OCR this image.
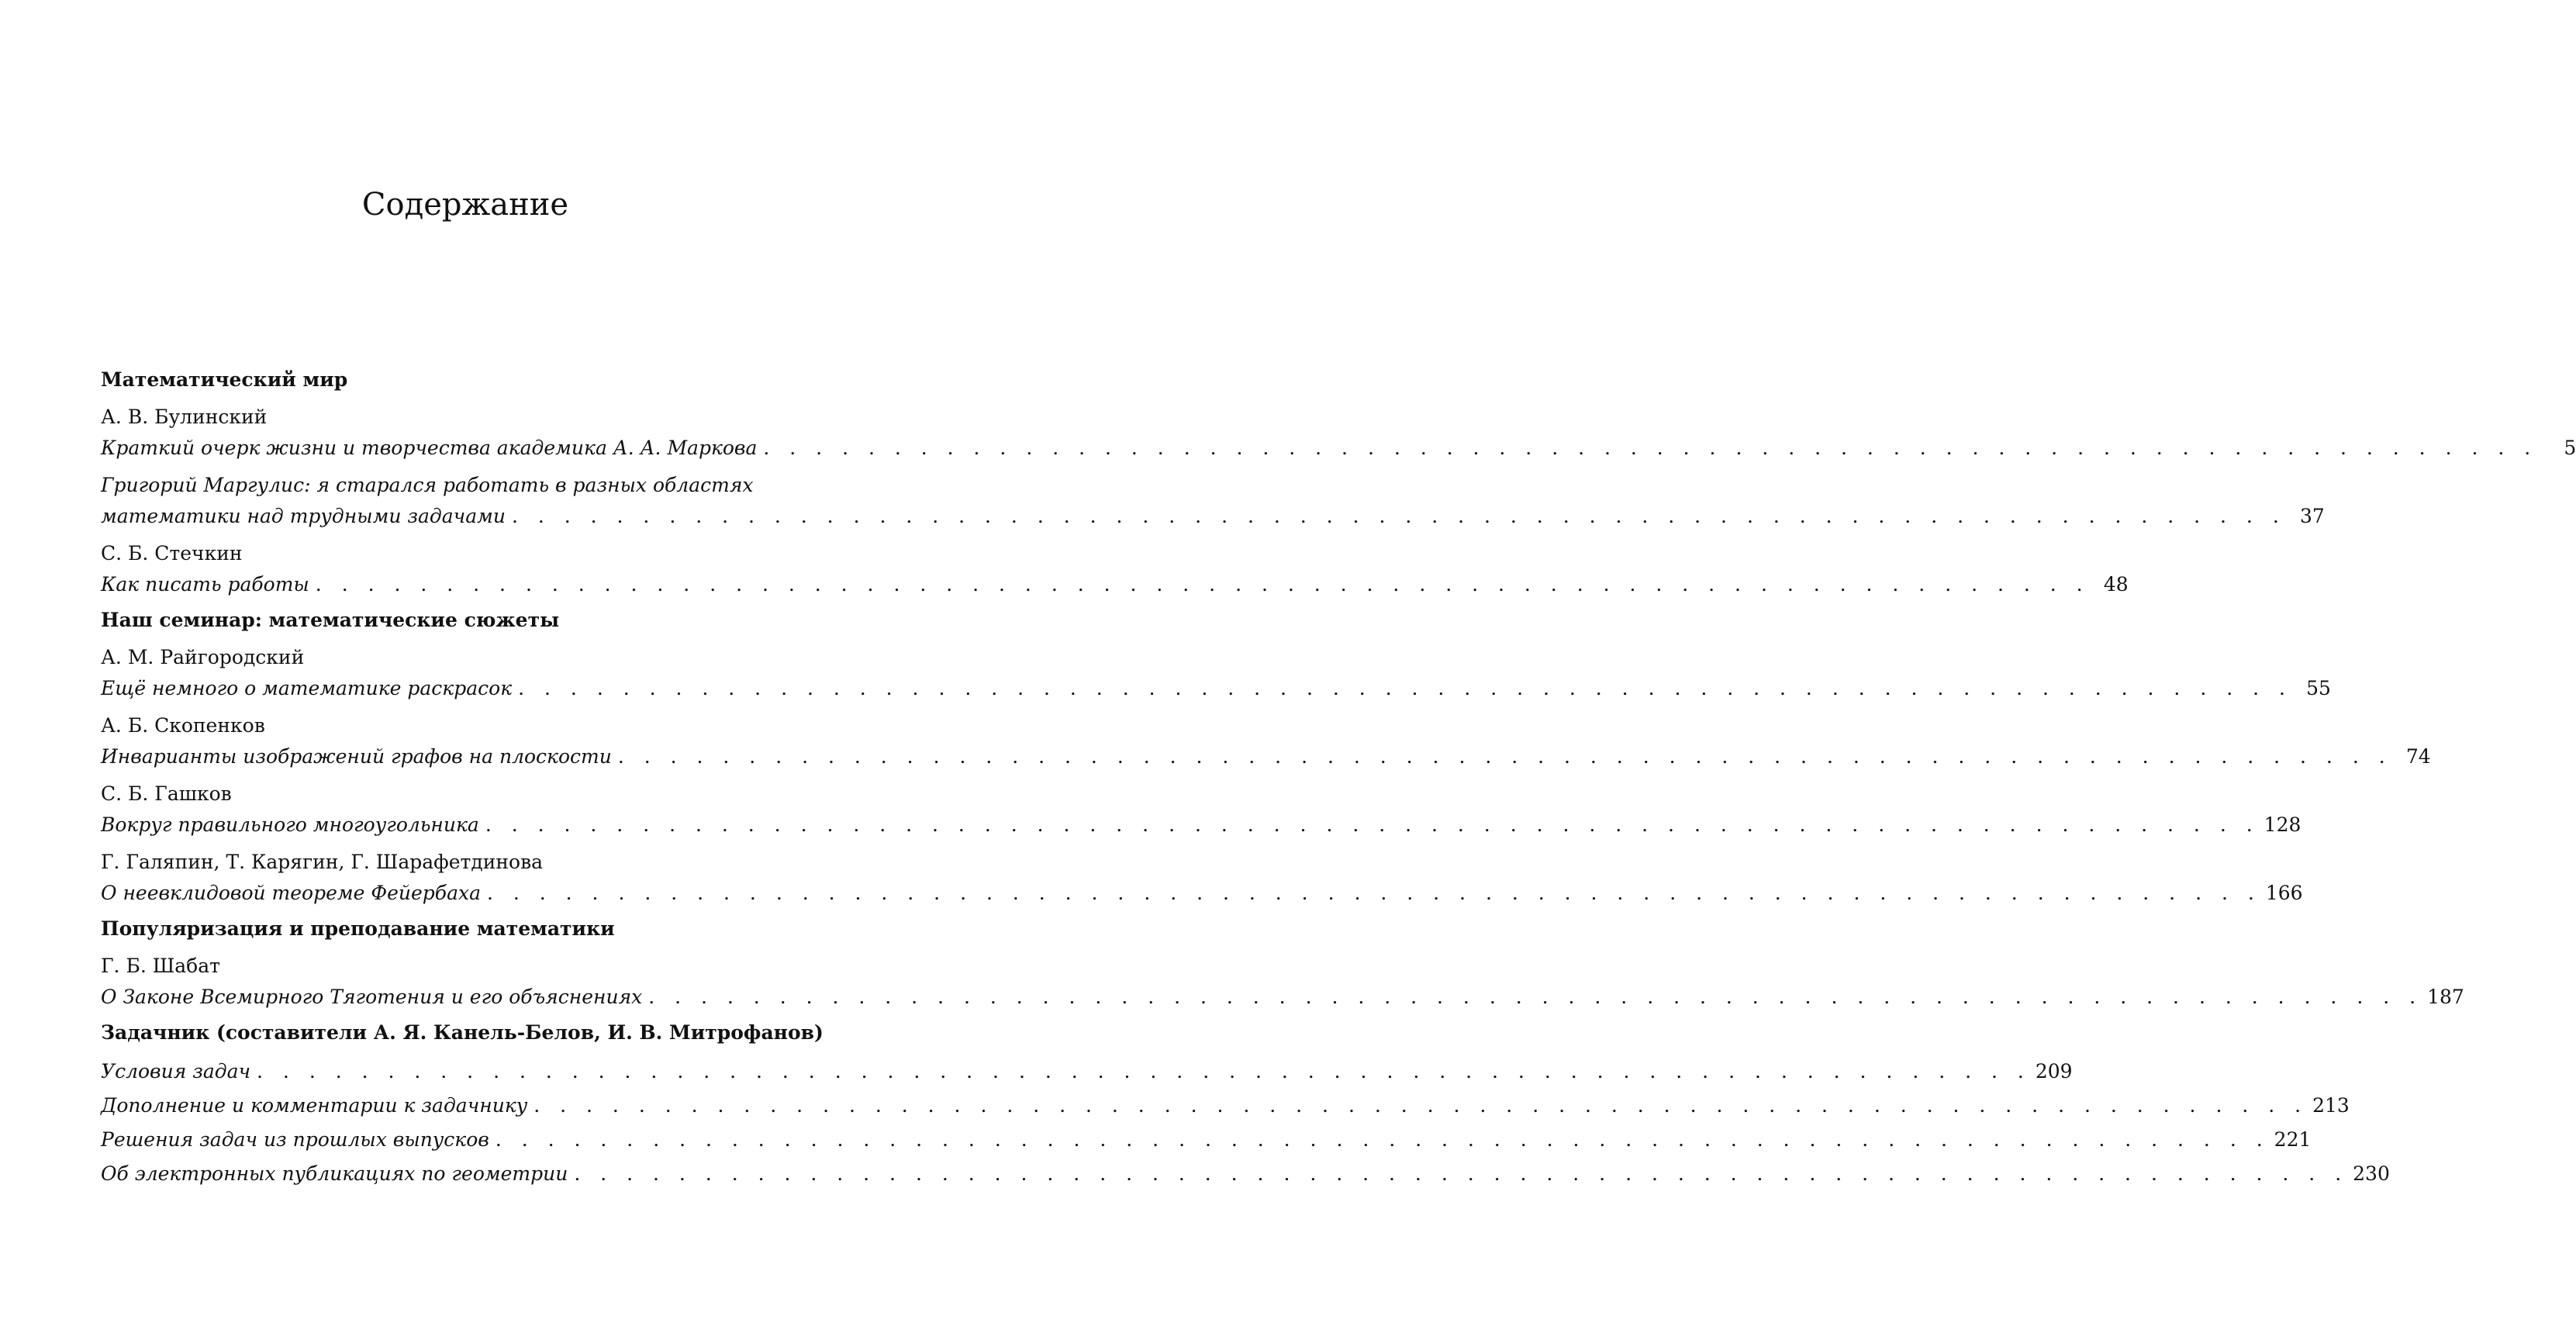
Содержание
Математический мир
А. В. Булинский
Краткий очерк жизни и творчества академика А. А. Маркова . . . . . . . . . . . . . . . . . . . . . . . . . . . . . . . . . . . . . . . . . . . . . . . . . . . . . . . . . . . . . . . . . . . .	5
Григорий Маргулис: я старался работать в разных областях
математики над трудными задачами . . . . . . . . . . . . . . . . . . . . . . . . . . . . . . . . . . . . . . . . . . . . . . . . . . . . . . . . . . . . . . . . . . . . 37
С. Б. Стечкин
Как писать работы . . . . . . . . . . . . . . . . . . . . . . . . . . . . . . . . . . . . . . . . . . . . . . . . . . . . . . . . . . . . . . . . . . . . 48
Наш семинар: математические сюжеты
А. М. Райгородский
Ещё немного о математике раскрасок . . . . . . . . . . . . . . . . . . . . . . . . . . . . . . . . . . . . . . . . . . . . . . . . . . . . . . . . . . . . . . . . . . . . 55
А. Б. Скопенков
Инварианты изображений графов на плоскости . . . . . . . . . . . . . . . . . . . . . . . . . . . . . . . . . . . . . . . . . . . . . . . . . . . . . . . . . . . . . . . . . . . . 74
С. Б. Гашков
Вокруг правильного многоугольника . . . . . . . . . . . . . . . . . . . . . . . . . . . . . . . . . . . . . . . . . . . . . . . . . . . . . . . . . . . . . . . . . . . . 128
Г. Галяпин, Т. Карягин, Г. Шарафетдинова
О неевклидовой теореме Фейербаха . . . . . . . . . . . . . . . . . . . . . . . . . . . . . . . . . . . . . . . . . . . . . . . . . . . . . . . . . . . . . . . . . . . . 166
Популяризация и преподавание математики
Г. Б. Шабат
О Законе Всемирного Тяготения и его объяснениях . . . . . . . . . . . . . . . . . . . . . . . . . . . . . . . . . . . . . . . . . . . . . . . . . . . . . . . . . . . . . . . . . . . . 187
Задачник (составители А. Я. Канель-Белов, И. В. Митрофанов)
Условия задач . . . . . . . . . . . . . . . . . . . . . . . . . . . . . . . . . . . . . . . . . . . . . . . . . . . . . . . . . . . . . . . . . . . . 209
Дополнение и комментарии к задачнику . . . . . . . . . . . . . . . . . . . . . . . . . . . . . . . . . . . . . . . . . . . . . . . . . . . . . . . . . . . . . . . . . . . . 213
Решения задач из прошлых выпусков . . . . . . . . . . . . . . . . . . . . . . . . . . . . . . . . . . . . . . . . . . . . . . . . . . . . . . . . . . . . . . . . . . . . 221
Об электронных публикациях по геометрии . . . . . . . . . . . . . . . . . . . . . . . . . . . . . . . . . . . . . . . . . . . . . . . . . . . . . . . . . . . . . . . . . . . . 230
